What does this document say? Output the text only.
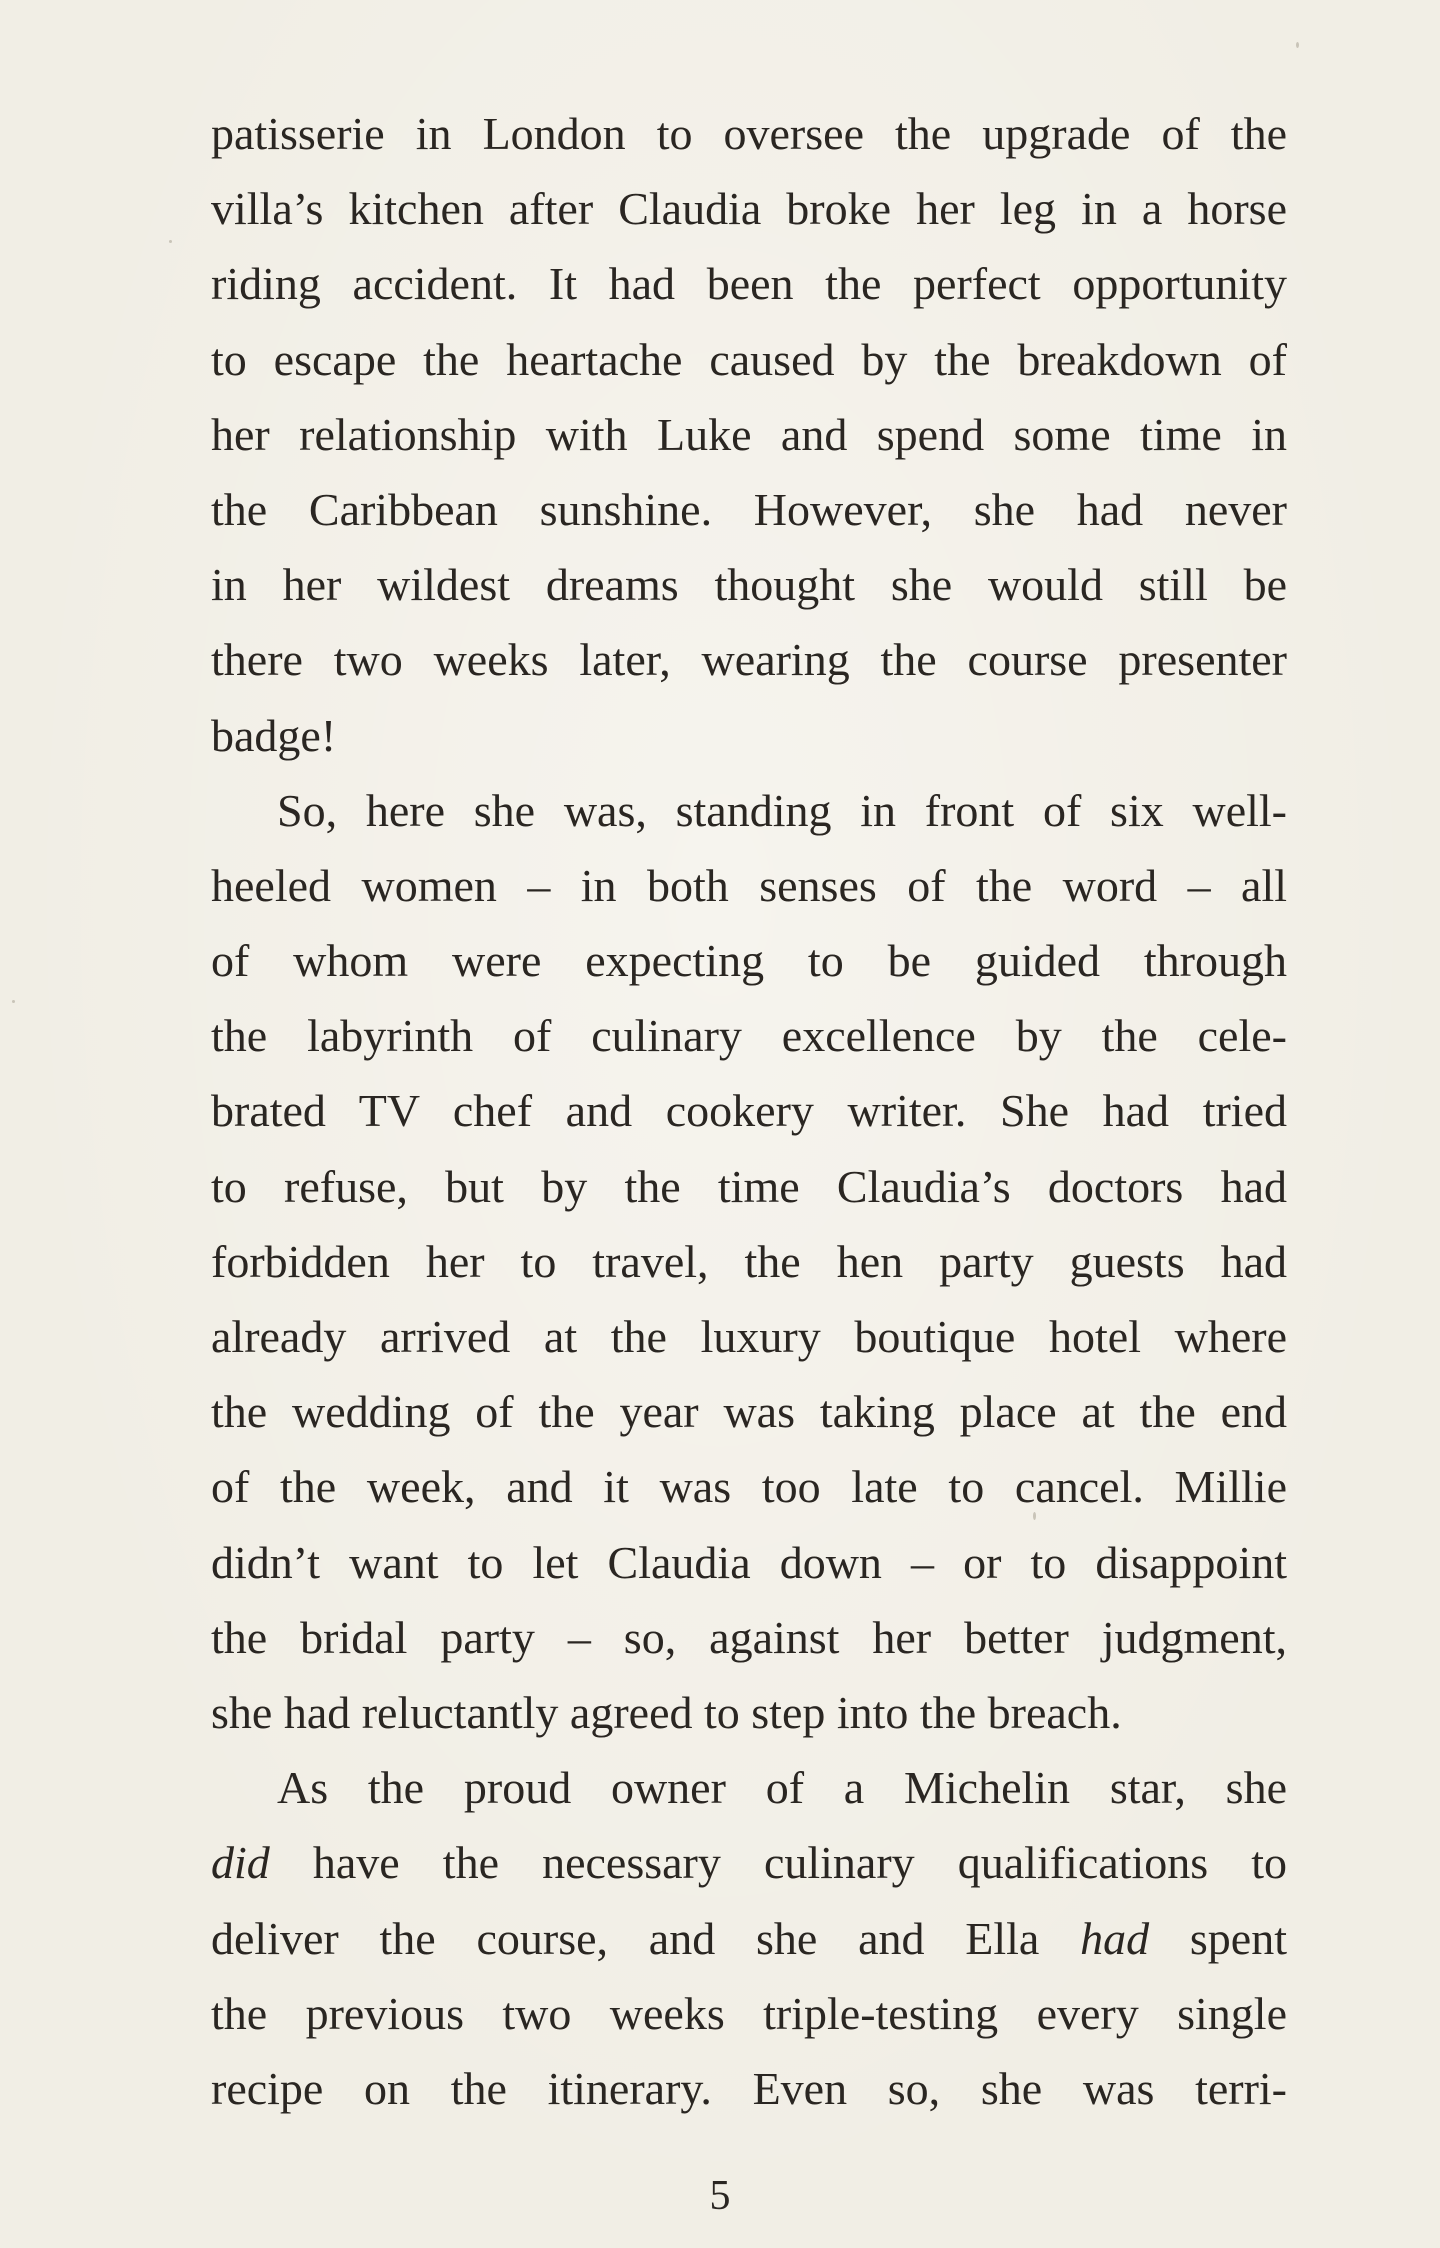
patisserie in London to oversee the upgrade of the
villa’s kitchen after Claudia broke her leg in a horse
riding accident. It had been the perfect opportunity
to escape the heartache caused by the breakdown of
her relationship with Luke and spend some time in
the Caribbean sunshine. However, she had never
in her wildest dreams thought she would still be
there two weeks later, wearing the course presenter
badge!
So, here she was, standing in front of six well-
heeled women – in both senses of the word – all
of whom were expecting to be guided through
the labyrinth of culinary excellence by the cele-
brated TV chef and cookery writer. She had tried
to refuse, but by the time Claudia’s doctors had
forbidden her to travel, the hen party guests had
already arrived at the luxury boutique hotel where
the wedding of the year was taking place at the end
of the week, and it was too late to cancel. Millie
didn’t want to let Claudia down – or to disappoint
the bridal party – so, against her better judgment,
she had reluctantly agreed to step into the breach.
As the proud owner of a Michelin star, she
did have the necessary culinary qualifications to
deliver the course, and she and Ella had spent
the previous two weeks triple-testing every single
recipe on the itinerary. Even so, she was terri-
5
